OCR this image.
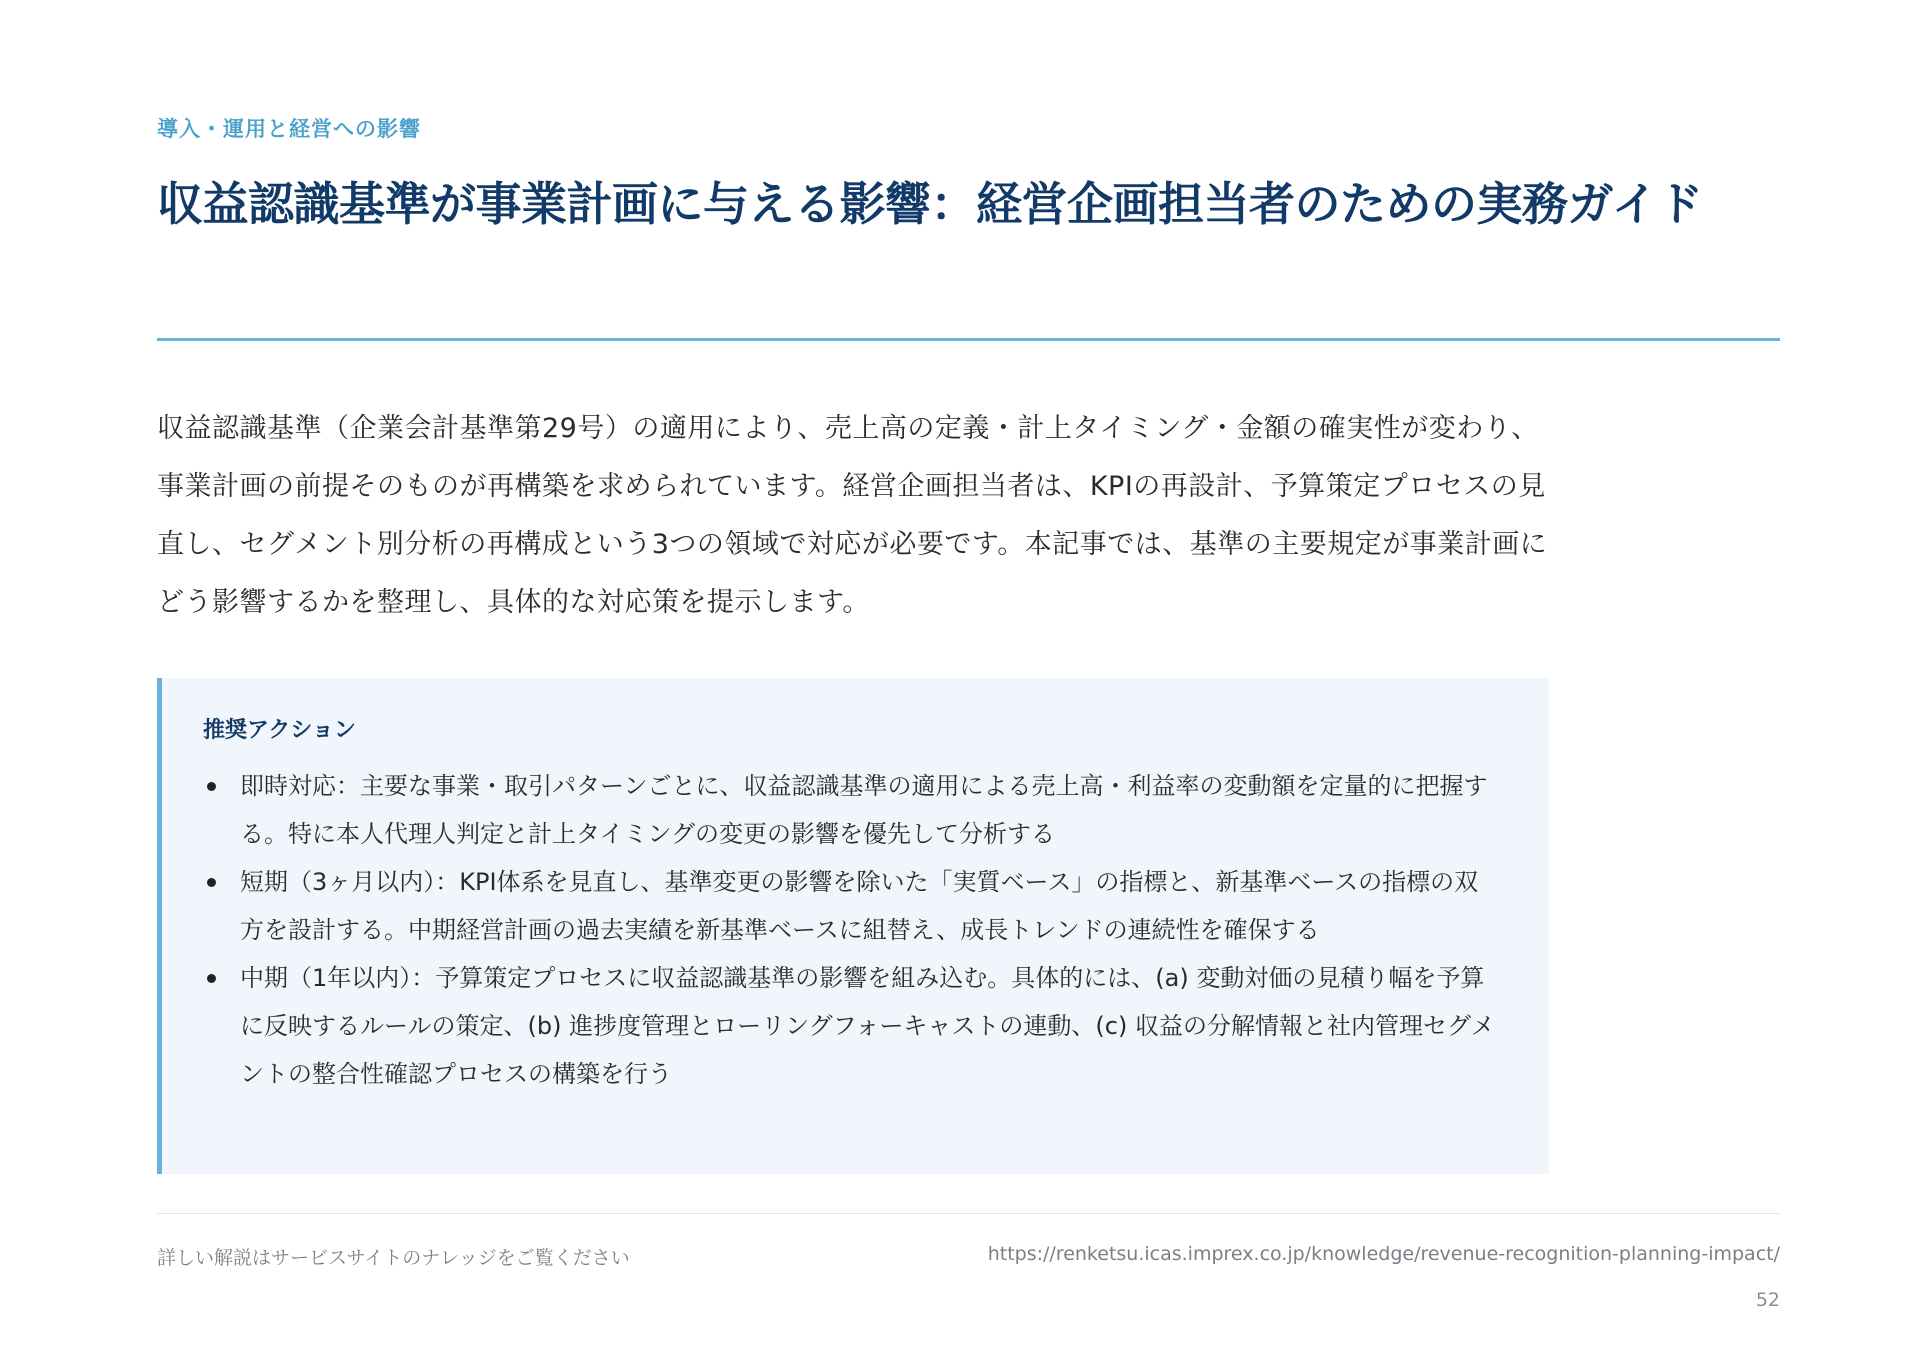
導入・運用と経営への影響
収益認識基準が事業計画に与える影響：経営企画担当者のための実務ガイド

収益認識基準（企業会計基準第29号）の適用により、売上高の定義・計上タイミング・金額の確実性が変わり、事業計画の前提そのものが再構築を求められています。経営企画担当者は、KPIの再設計、予算策定プロセスの見直し、セグメント別分析の再構成という3つの領域で対応が必要です。本記事では、基準の主要規定が事業計画にどう影響するかを整理し、具体的な対応策を提示します。

推奨アクション
即時対応：主要な事業・取引パターンごとに、収益認識基準の適用による売上高・利益率の変動額を定量的に把握する。特に本人代理人判定と計上タイミングの変更の影響を優先して分析する
短期（3ヶ月以内）：KPI体系を見直し、基準変更の影響を除いた「実質ベース」の指標と、新基準ベースの指標の双方を設計する。中期経営計画の過去実績を新基準ベースに組替え、成長トレンドの連続性を確保する
中期（1年以内）：予算策定プロセスに収益認識基準の影響を組み込む。具体的には、(a) 変動対価の見積り幅を予算に反映するルールの策定、(b) 進捗度管理とローリングフォーキャストの連動、(c) 収益の分解情報と社内管理セグメントの整合性確認プロセスの構築を行う
詳しい解説はサービスサイトのナレッジをご覧ください	https://renketsu.icas.imprex.co.jp/knowledge/revenue-recognition-planning-impact/
52
